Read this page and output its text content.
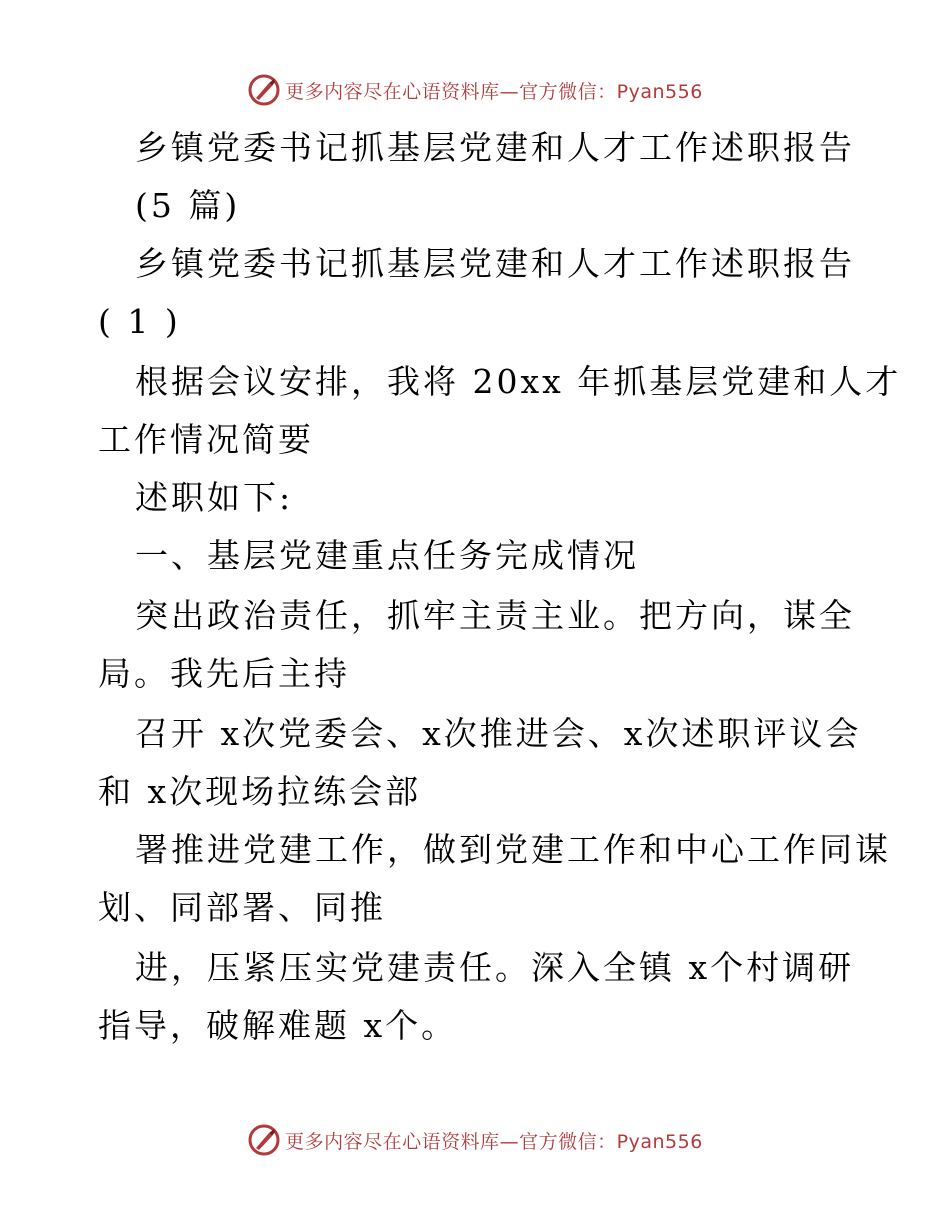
更多内容尽在心语资料库—官方微信：Pyan556
乡镇党委书记抓基层党建和人才工作述职报告
(5 篇)
乡镇党委书记抓基层党建和人才工作述职报告
( 1 )
根据会议安排，我将 20xx 年抓基层党建和人才
工作情况简要
述职如下:
一、基层党建重点任务完成情况
突出政治责任，抓牢主责主业。把方向，谋全
局。我先后主持
召开 x次党委会、x次推进会、x次述职评议会
和 x次现场拉练会部
署推进党建工作，做到党建工作和中心工作同谋
划、同部署、同推
进，压紧压实党建责任。深入全镇 x个村调研
指导，破解难题 x个。
更多内容尽在心语资料库—官方微信：Pyan556
